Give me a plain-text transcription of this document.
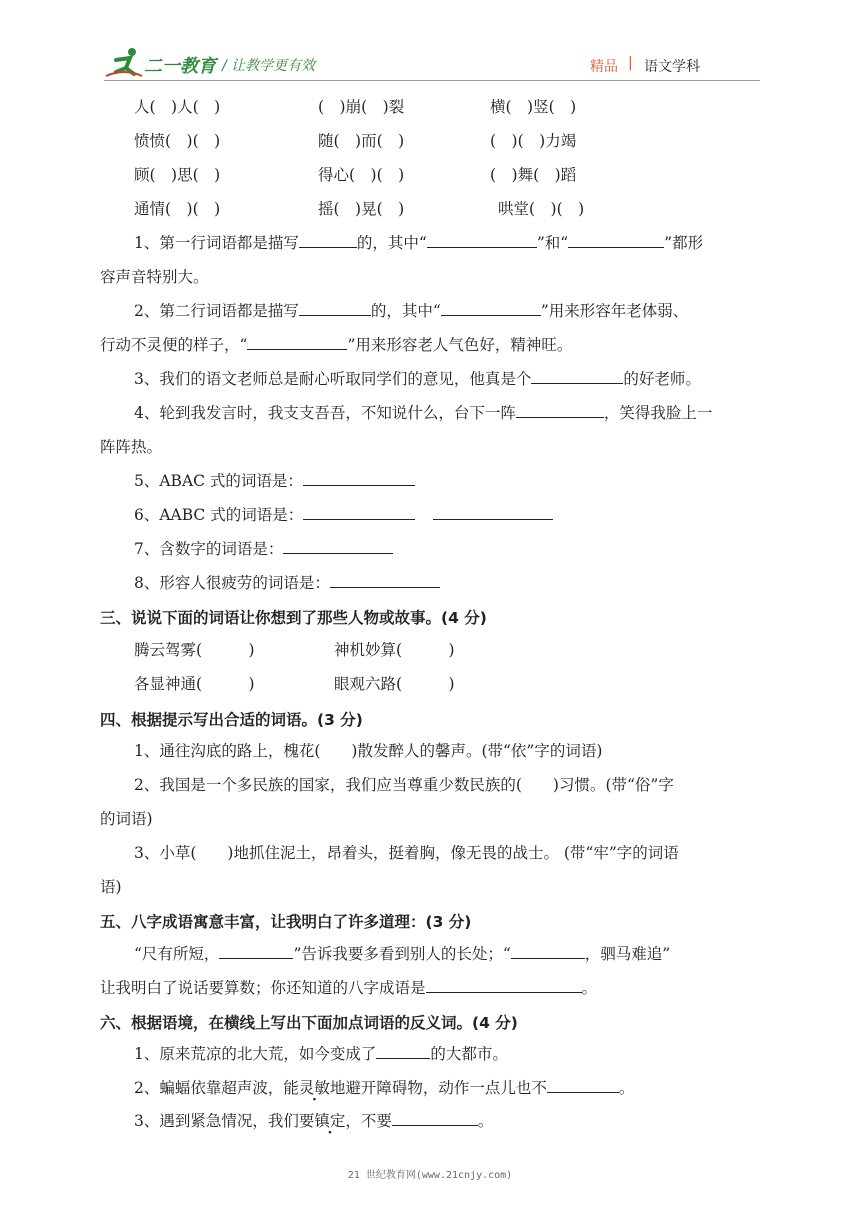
二一教育 / 让教学更有效	精品 | 语文学科
人(　)人(　)	(　)崩(　)裂	横(　)竖(　)
愤愤(　)(　)	随(　)而(　)	(　)(　)力竭
顾(　)思(　)	得心(　)(　)	(　)舞(　)蹈
通情(　)(　)	摇(　)晃(　)	哄堂(　)(　)
1、第一行词语都是描写	的，其中“	”和“	”都形
容声音特别大。
2、第二行词语都是描写	的，其中“	”用来形容年老体弱、
行动不灵便的样子，“	”用来形容老人气色好，精神旺。
3、我们的语文老师总是耐心听取同学们的意见，他真是个	的好老师。
4、轮到我发言时，我支支吾吾，不知说什么，台下一阵	，笑得我脸上一
阵阵热。
5、ABAC 式的词语是：
6、AABC 式的词语是：
7、含数字的词语是：
8、形容人很疲劳的词语是：
三、说说下面的词语让你想到了那些人物或故事。(4 分)
腾云驾雾(　　　)	神机妙算(　　　)
各显神通(　　　)	眼观六路(　　　)
四、根据提示写出合适的词语。(3 分)
1、通往沟底的路上，槐花(　　)散发醉人的馨声。(带“依”字的词语)
2、我国是一个多民族的国家，我们应当尊重少数民族的(　　)习惯。(带“俗”字
的词语)
3、小草(　　)地抓住泥土，昂着头，挺着胸，像无畏的战士。 (带“牢”字的词语
语)
五、八字成语寓意丰富，让我明白了许多道理：(3 分)
“尺有所短，	”告诉我要多看到别人的长处；“	，驷马难追”
让我明白了说话要算数；你还知道的八字成语是	。
六、根据语境，在横线上写出下面加点词语的反义词。(4 分)
1、原来荒凉的北大荒，如今变成了	的大都市。
2、蝙蝠依靠超声波，能灵敏地避开障碍物，动作一点儿也不	。
3、遇到紧急情况，我们要镇定，不要	。
21 世纪教育网(www.21cnjy.com)
